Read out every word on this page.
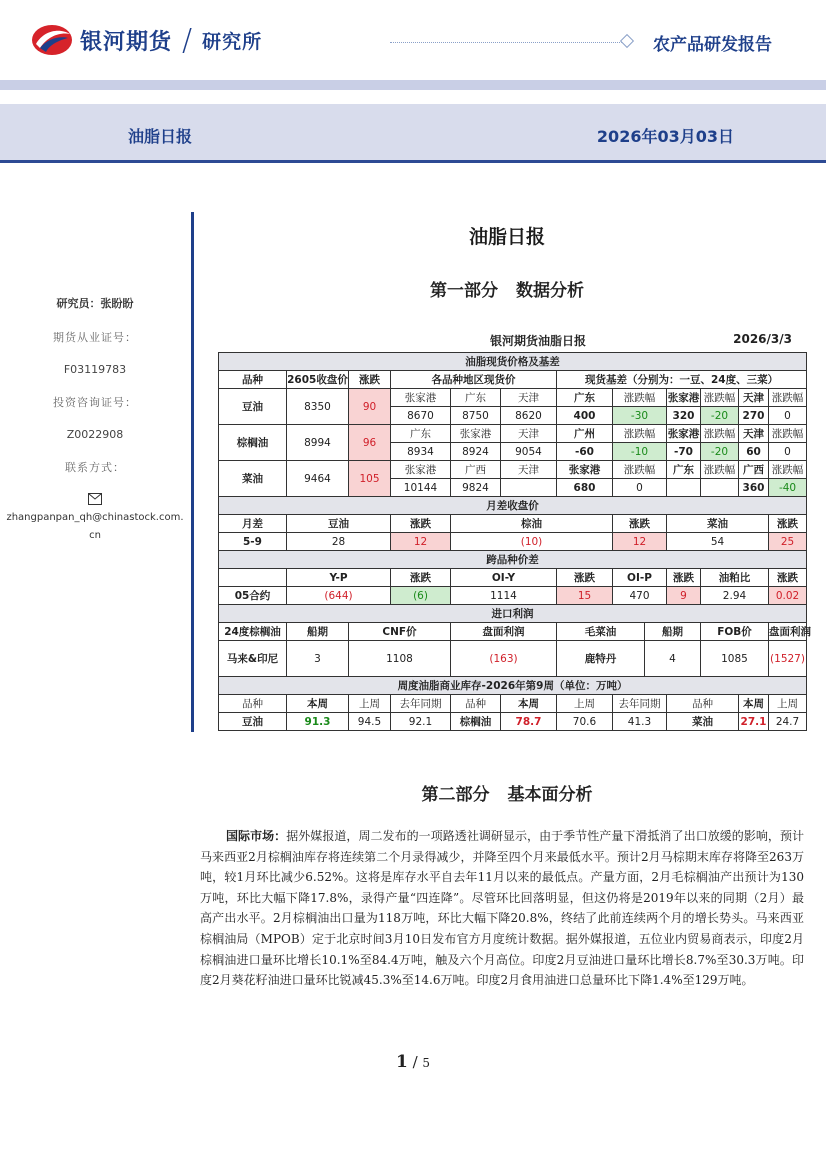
银河期货 / 研究所	农产品研发报告
油脂日报	2026年03月03日
研究员：张盼盼
期货从业证号：
F03119783
投资咨询证号：
Z0022908
联系方式：
zhangpanpan_qh@chinastock.com.cn
油脂日报
第一部分 数据分析
银河期货油脂日报	2026/3/3
油脂现货价格及基差													
品种	2605收盘价	涨跌	各品种地区现货价			现货基差（分别为：一豆、24度、三菜）							
豆油	8350	90	张家港	广东	天津	广东	涨跌幅		张家港	涨跌幅	天津	涨跌幅	
			8670	8750	8620	400	-30		320	-20	270	0	
棕榈油	8994	96	广东	张家港	天津	广州	涨跌幅		张家港	涨跌幅	天津	涨跌幅	
			8934	8924	9054	-60	-10		-70	-20	60	0	
菜油	9464	105	张家港	广西	天津	张家港	涨跌幅		广东	涨跌幅	广西	涨跌幅	
			10144	9824		680	0				360	-40	
月差收盘价													
月差	豆油		涨跌	棕油			涨跌		菜油			涨跌	
5-9	28		12	(10)			12		54			25	
跨品种价差													
	Y-P		涨跌	OI-Y		涨跌	OI-P		涨跌	油粕比		涨跌	
05合约	(644)		(6)	1114		15	470		9	2.94		0.02	
进口利润													
24度棕榈油	船期	CNF价		盘面利润		毛菜油		船期		FOB价		盘面利润	
马来&印尼	3	1108		(163)		鹿特丹		4		1085		(1527)	
周度油脂商业库存-2026年第9周（单位：万吨）													
品种	本周	上周	去年同期	品种	本周	上周	去年同期		品种		本周	上周	
豆油	91.3	94.5	92.1	棕榈油	78.7	70.6	41.3		菜油		27.1	24.7	
第二部分 基本面分析
国际市场：据外媒报道，周二发布的一项路透社调研显示，由于季节性产量下滑抵消了出口放缓的影响，预计马来西亚2月棕榈油库存将连续第二个月录得减少，并降至四个月来最低水平。预计2月马棕期末库存将降至263万吨，较1月环比减少6.52%。这将是库存水平自去年11月以来的最低点。产量方面，2月毛棕榈油产出预计为130万吨，环比大幅下降17.8%，录得产量“四连降”。尽管环比回落明显，但这仍将是2019年以来的同期（2月）最高产出水平。2月棕榈油出口量为118万吨，环比大幅下降20.8%，终结了此前连续两个月的增长势头。马来西亚棕榈油局（MPOB）定于北京时间3月10日发布官方月度统计数据。据外媒报道，五位业内贸易商表示，印度2月棕榈油进口量环比增长10.1%至84.4万吨，触及六个月高位。印度2月豆油进口量环比增长8.7%至30.3万吨。印度2月葵花籽油进口量环比锐减45.3%至14.6万吨。印度2月食用油进口总量环比下降1.4%至129万吨。
1 / 5
